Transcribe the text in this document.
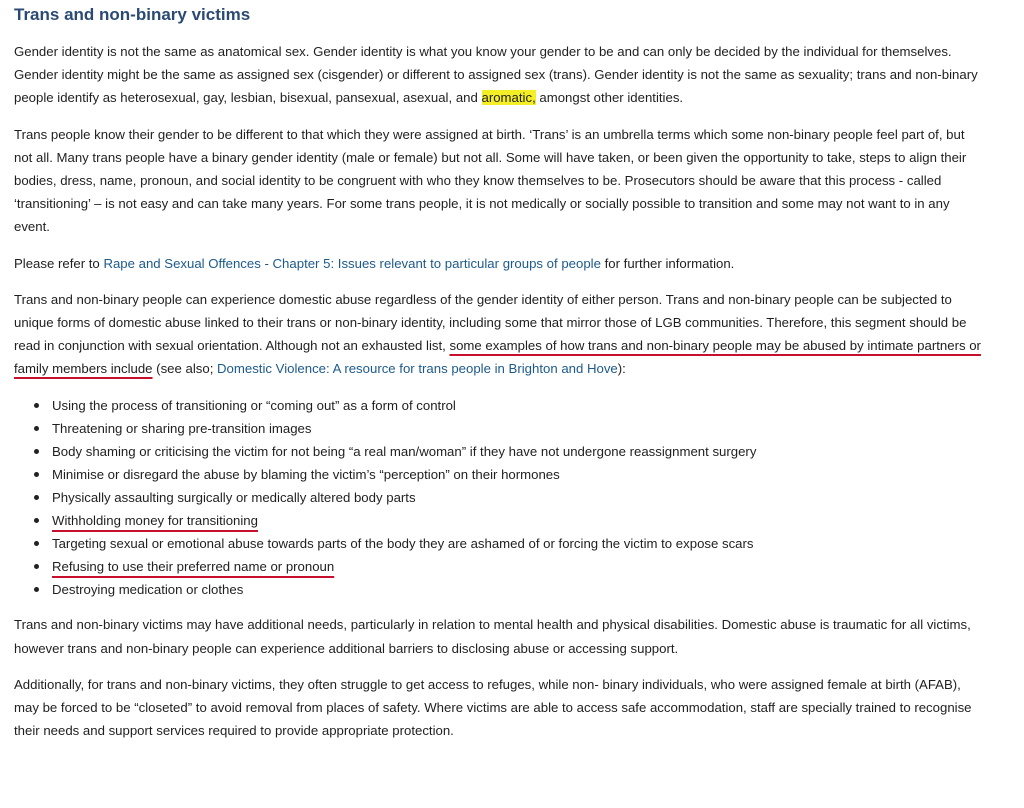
Trans and non-binary victims

Gender identity is not the same as anatomical sex. Gender identity is what you know your gender to be and can only be decided by the individual for themselves. Gender identity might be the same as assigned sex (cisgender) or different to assigned sex (trans). Gender identity is not the same as sexuality; trans and non-binary people identify as heterosexual, gay, lesbian, bisexual, pansexual, asexual, and aromatic, amongst other identities.

Trans people know their gender to be different to that which they were assigned at birth. ‘Trans’ is an umbrella terms which some non-binary people feel part of, but not all. Many trans people have a binary gender identity (male or female) but not all. Some will have taken, or been given the opportunity to take, steps to align their bodies, dress, name, pronoun, and social identity to be congruent with who they know themselves to be. Prosecutors should be aware that this process - called ‘transitioning’ – is not easy and can take many years. For some trans people, it is not medically or socially possible to transition and some may not want to in any event.

Please refer to Rape and Sexual Offences - Chapter 5: Issues relevant to particular groups of people for further information.

Trans and non-binary people can experience domestic abuse regardless of the gender identity of either person. Trans and non-binary people can be subjected to unique forms of domestic abuse linked to their trans or non-binary identity, including some that mirror those of LGB communities. Therefore, this segment should be read in conjunction with sexual orientation. Although not an exhausted list, some examples of how trans and non-binary people may be abused by intimate partners or family members include (see also; Domestic Violence: A resource for trans people in Brighton and Hove):

Using the process of transitioning or “coming out” as a form of control
Threatening or sharing pre-transition images
Body shaming or criticising the victim for not being “a real man/woman” if they have not undergone reassignment surgery
Minimise or disregard the abuse by blaming the victim’s “perception” on their hormones
Physically assaulting surgically or medically altered body parts
Withholding money for transitioning
Targeting sexual or emotional abuse towards parts of the body they are ashamed of or forcing the victim to expose scars
Refusing to use their preferred name or pronoun
Destroying medication or clothes

Trans and non-binary victims may have additional needs, particularly in relation to mental health and physical disabilities. Domestic abuse is traumatic for all victims, however trans and non-binary people can experience additional barriers to disclosing abuse or accessing support.

Additionally, for trans and non-binary victims, they often struggle to get access to refuges, while non- binary individuals, who were assigned female at birth (AFAB), may be forced to be “closeted” to avoid removal from places of safety. Where victims are able to access safe accommodation, staff are specially trained to recognise their needs and support services required to provide appropriate protection.
